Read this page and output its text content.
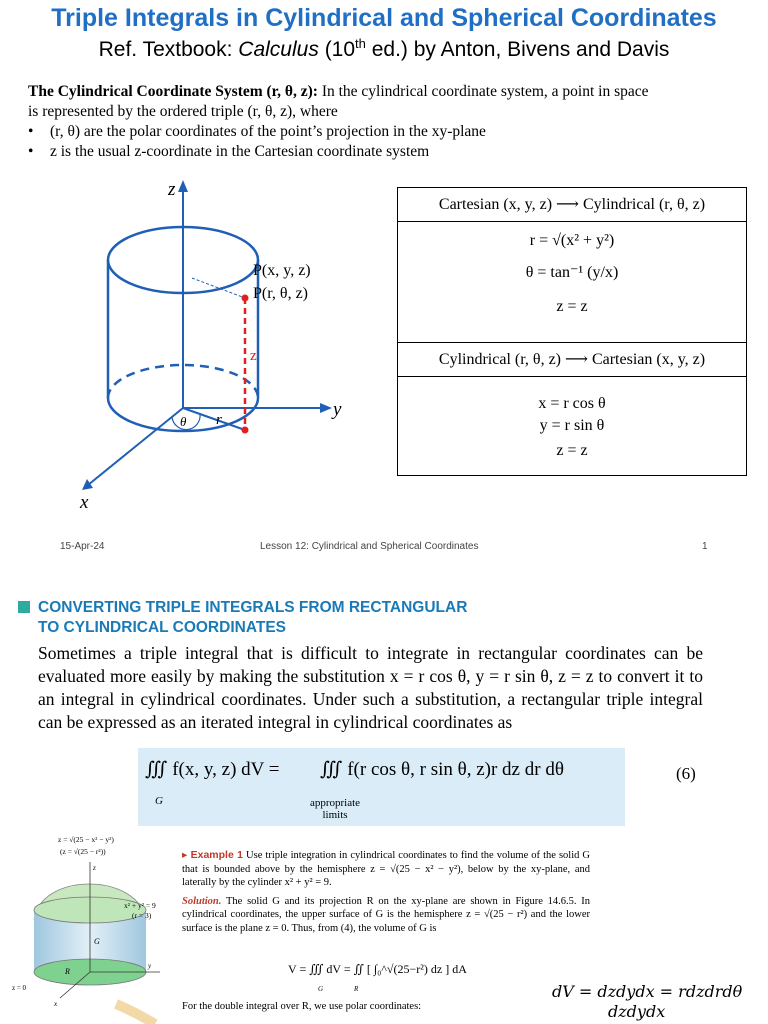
Triple Integrals in Cylindrical and Spherical Coordinates
Ref. Textbook: Calculus (10th ed.) by Anton, Bivens and Davis
The Cylindrical Coordinate System (r, θ, z): In the cylindrical coordinate system, a point in space
is represented by the ordered triple (r, θ, z), where
• (r, θ) are the polar coordinates of the point’s projection in the xy-plane
• z is the usual z-coordinate in the Cartesian coordinate system
z
y
x
P(x, y, z)
P(r, θ, z)
z
r
θ
Cartesian (x, y, z) ⟶ Cylindrical (r, θ, z)
r = √(x² + y²)
θ = tan⁻¹ (y/x)
z = z
Cylindrical (r, θ, z) ⟶ Cartesian (x, y, z)
x = r cos θ
y = r sin θ
z = z
15-Apr-24	Lesson 12: Cylindrical and Spherical Coordinates	1
CONVERTING TRIPLE INTEGRALS FROM RECTANGULAR
TO CYLINDRICAL COORDINATES
Sometimes a triple integral that is difficult to integrate in rectangular coordinates can be evaluated more easily by making the substitution x = r cos θ, y = r sin θ, z = z to convert it to an integral in cylindrical coordinates. Under such a substitution, a rectangular triple integral can be expressed as an iterated integral in cylindrical coordinates as
∭ f(x, y, z) dV =
G
∭ f(r cos θ, r sin θ, z)r dz dr dθ
appropriate
limits
(6)
z = √(25 − x² − y²)
(z = √(25 − r²))
x² + y² = 9
(r = 3)
G
R
z = 0
z
y
x
▸ Example 1 Use triple integration in cylindrical coordinates to find the volume of the solid G that is bounded above by the hemisphere z = √(25 − x² − y²), below by the xy-plane, and laterally by the cylinder x² + y² = 9.
Solution. The solid G and its projection R on the xy-plane are shown in Figure 14.6.5. In cylindrical coordinates, the upper surface of G is the hemisphere z = √(25 − r²) and the lower surface is the plane z = 0. Thus, from (4), the volume of G is
V = ∭ dV = ∬ [ ∫₀^√(25−r²) dz ] dA
G	R
For the double integral over R, we use polar coordinates:
dV = dzdydx = rdzdrdθ
dzdydx
